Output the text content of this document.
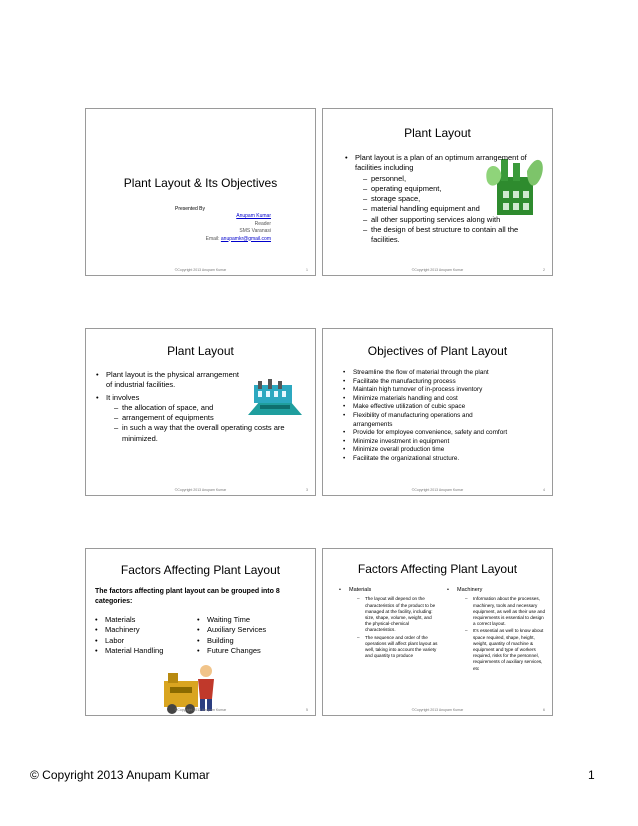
Plant Layout & Its Objectives
Presented By
Anupam Kumar
Reader
SMS Varanasi
Email: anupamkr@gmail.com
©Copyright 2013 Anupam Kumar	1
Plant Layout
• Plant layout is a plan of an optimum arrangement of facilities including
– personnel,
– operating equipment,
– storage space,
– material handling equipment and
– all other supporting services along with
– the design of best structure to contain all the facilities.
©Copyright 2013 Anupam Kumar	2
Plant Layout
• Plant layout is the physical arrangement of industrial facilities.
• It involves
– the allocation of space, and
– arrangement of equipments
– in such a way that the overall operating costs are minimized.
©Copyright 2013 Anupam Kumar	3
Objectives of Plant Layout
• Streamline the flow of material through the plant
• Facilitate the manufacturing process
• Maintain high turnover of in-process inventory
• Minimize materials handling and cost
• Make effective utilization of cubic space
• Flexibility of manufacturing operations and arrangements
• Provide for employee convenience, safety and comfort
• Minimize investment in equipment
• Minimize overall production time
• Facilitate the organizational structure.
©Copyright 2013 Anupam Kumar	4
Factors Affecting Plant Layout
The factors affecting plant layout can be grouped into 8 categories:
• Materials
• Machinery
• Labor
• Material Handling
• Waiting Time
• Auxiliary Services
• Building
• Future Changes
©Copyright 2013 Anupam Kumar	5
Factors Affecting Plant Layout
• Materials
– The layout will depend on the characteristics of the product to be managed at the facility, including: size, shape, volume, weight, and the physical-chemical characteristics.
– The sequence and order of the operations will affect plant layout as well, taking into account the variety and quantity to produce
• Machinery
– Information about the processes, machinery, tools and necessary equipment, as well as their use and requirements is essential to design a correct layout.
– It's essential as well to know about space required, shape, height, weight, quantity of machine & equipment and type of workers required, risks for the personnel, requirements of auxiliary services, etc
©Copyright 2013 Anupam Kumar	6
© Copyright 2013 Anupam Kumar	1
